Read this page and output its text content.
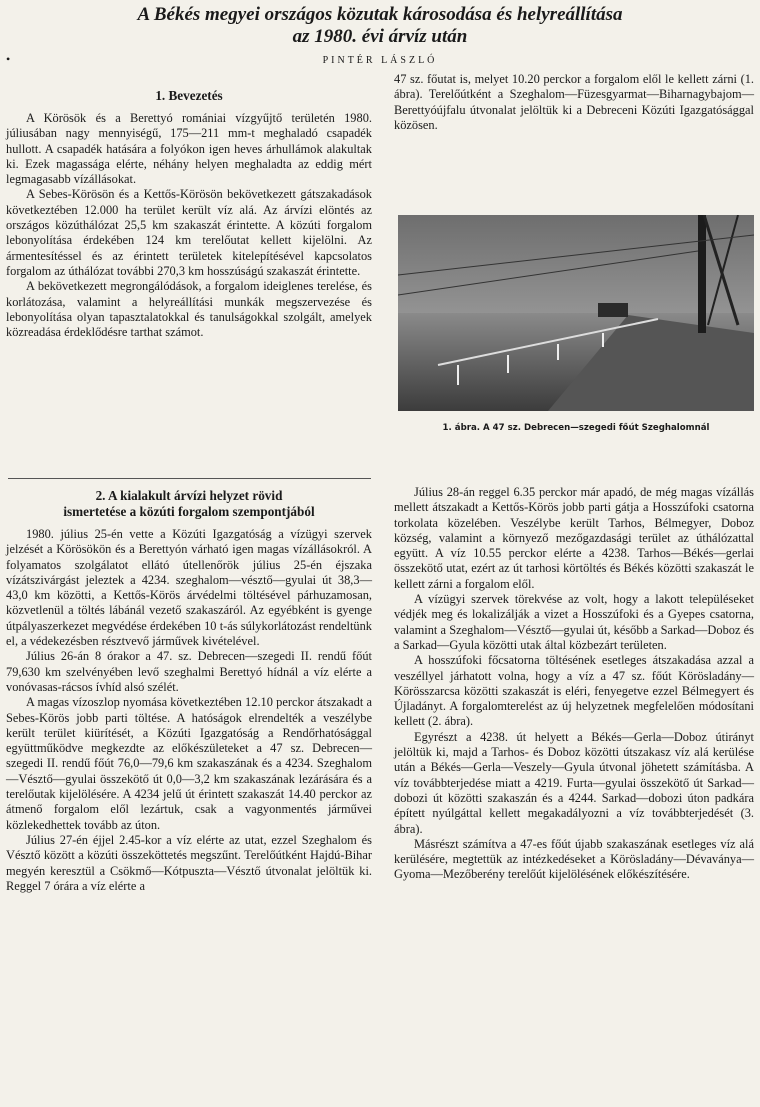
A Békés megyei országos közutak károsodása és helyreállítása
az 1980. évi árvíz után
•	PINTÉR LÁSZLÓ
1. Bevezetés

A Körösök és a Berettyó romániai vízgyűjtő területén 1980. júliusában nagy mennyiségű, 175—211 mm-t meghaladó csapadék hullott. A csapadék hatására a folyókon igen heves árhullámok alakultak ki. Ezek magassága elérte, néhány helyen meghaladta az eddig mért legmagasabb vízállásokat.

A Sebes-Körösön és a Kettős-Körösön bekövetkezett gátszakadások következtében 12.000 ha terület került víz alá. Az árvízi elöntés az országos közúthálózat 25,5 km szakaszát érintette. A közúti forgalom lebonyolítása érdekében 124 km terelőutat kellett kijelölni. Az ármentesítéssel és az érintett területek kitelepítésével kapcsolatos forgalom az úthálózat további 270,3 km hosszúságú szakaszát érintette.

A bekövetkezett megrongálódások, a forgalom ideiglenes terelése, és korlátozása, valamint a helyreállítási munkák megszervezése és lebonyolítása olyan tapasztalatokkal és tanulságokkal szolgált, amelyek közreadása érdeklődésre tarthat számot.

47 sz. főutat is, melyet 10.20 perckor a forgalom elől le kellett zárni (1. ábra). Terelőútként a Szeghalom—Füzesgyarmat—Biharnagybajom—Berettyóújfalu útvonalat jelöltük ki a Debreceni Közúti Igazgatósággal közösen.

1. ábra. A 47 sz. Debrecen—szegedi főút Szeghalomnál
2. A kialakult árvízi helyzet rövid
ismertetése a közúti forgalom szempontjából

1980. július 25-én vette a Közúti Igazgatóság a vízügyi szervek jelzését a Körösökön és a Berettyón várható igen magas vízállásokról. A folyamatos szolgálatot ellátó útellenőrök július 25-én éjszaka vízátszivárgást jeleztek a 4234. szeghalom—vésztő—gyulai út 38,3—43,0 km közötti, a Kettős-Körös árvédelmi töltésével párhuzamosan, közvetlenül a töltés lábánál vezető szakaszáról. Az egyébként is gyenge útpályaszerkezet megvédése érdekében 10 t-ás súlykorlátozást rendeltünk el, a védekezésben résztvevő járművek kivételével.

Július 26-án 8 órakor a 47. sz. Debrecen—szegedi II. rendű főút 79,630 km szelvényében levő szeghalmi Berettyó hídnál a víz elérte a vonóvasas-rácsos ívhíd alsó szélét.

A magas vízoszlop nyomása következtében 12.10 perckor átszakadt a Sebes-Körös jobb parti töltése. A hatóságok elrendelték a veszélybe került terület kiürítését, a Közúti Igazgatóság a Rendőrhatósággal együttműködve megkezdte az előkészületeket a 47 sz. Debrecen—szegedi II. rendű főút 76,0—79,6 km szakaszának és a 4234. Szeghalom—Vésztő—gyulai összekötő út 0,0—3,2 km szakaszának lezárására és a terelőutak kijelölésére. A 4234 jelű út érintett szakaszát 14.40 perckor az átmenő forgalom elől lezártuk, csak a vagyonmentés járművei közlekedhettek tovább az úton.

Július 27-én éjjel 2.45-kor a víz elérte az utat, ezzel Szeghalom és Vésztő között a közúti összeköttetés megszűnt. Terelőútként Hajdú-Bihar megyén keresztül a Csökmő—Kótpuszta—Vésztő útvonalat jelöltük ki. Reggel 7 órára a víz elérte a

Július 28-án reggel 6.35 perckor már apadó, de még magas vízállás mellett átszakadt a Kettős-Körös jobb parti gátja a Hosszúfoki csatorna torkolata közelében. Veszélybe került Tarhos, Bélmegyer, Doboz község, valamint a környező mezőgazdasági terület az úthálózattal együtt. A víz 10.55 perckor elérte a 4238. Tarhos—Békés—gerlai összekötő utat, ezért az út tarhosi körtöltés és Békés közötti szakaszát le kellett zárni a forgalom elől.

A vízügyi szervek törekvése az volt, hogy a lakott településeket védjék meg és lokalizálják a vizet a Hosszúfoki és a Gyepes csatorna, valamint a Szeghalom—Vésztő—gyulai út, később a Sarkad—Doboz és a Sarkad—Gyula közötti utak által közbezárt területen.

A hosszúfoki főcsatorna töltésének esetleges átszakadása azzal a veszéllyel járhatott volna, hogy a víz a 47 sz. főút Körösladány—Körösszarcsa közötti szakaszát is eléri, fenyegetve ezzel Bélmegyert és Újladányt. A forgalomterelést az új helyzetnek megfelelően módosítani kellett (2. ábra).

Egyrészt a 4238. út helyett a Békés—Gerla—Doboz útirányt jelöltük ki, majd a Tarhos- és Doboz közötti útszakasz víz alá kerülése után a Békés—Gerla—Veszely—Gyula útvonal jöhetett számításba. A víz továbbterjedése miatt a 4219. Furta—gyulai összekötő út Sarkad—dobozi út közötti szakaszán és a 4244. Sarkad—dobozi úton padkára épített nyúlgáttal kellett megakadályozni a víz továbbterjedését (3. ábra).

Másrészt számítva a 47-es főút újabb szakaszának esetleges víz alá kerülésére, megtettük az intézkedéseket a Körösladány—Dévaványa—Gyoma—Mezőberény terelőút kijelölésének előkészítésére.
